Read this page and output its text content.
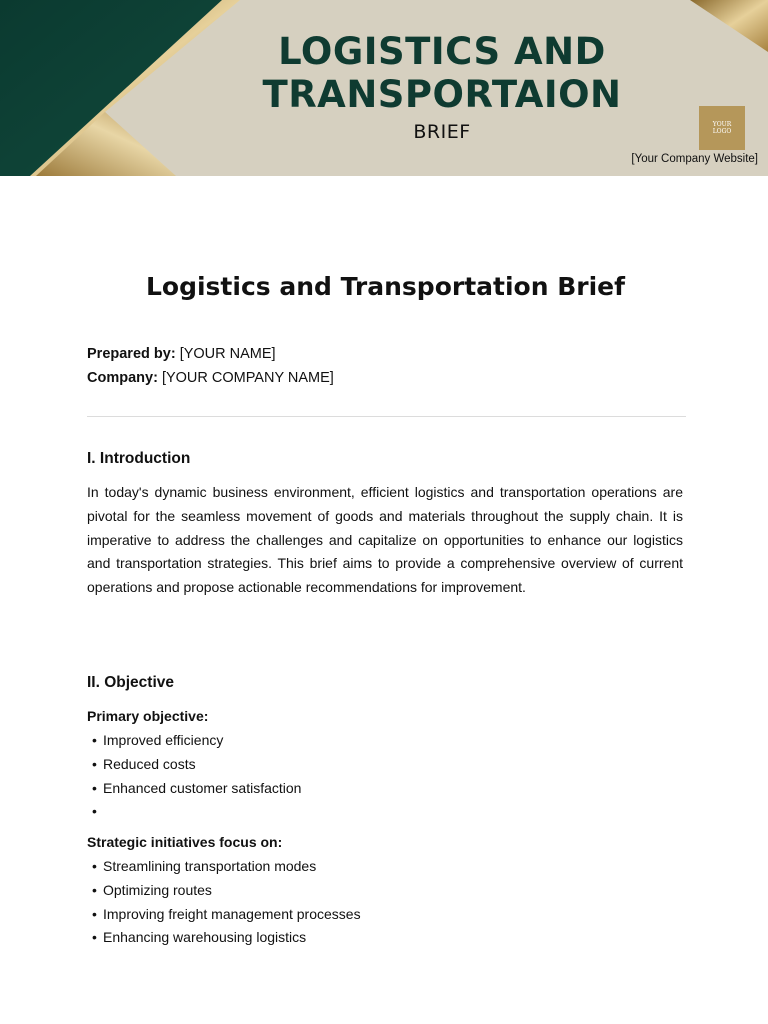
LOGISTICS AND
TRANSPORTAION
BRIEF	YOUR
LOGO
[Your Company Website]
Logistics and Transportation Brief
Prepared by: [YOUR NAME]
Company: [YOUR COMPANY NAME]
I. Introduction
In today's dynamic business environment, efficient logistics and transportation operations are pivotal for the seamless movement of goods and materials throughout the supply chain. It is imperative to address the challenges and capitalize on opportunities to enhance our logistics and transportation strategies. This brief aims to provide a comprehensive overview of current operations and propose actionable recommendations for improvement.
II. Objective
Primary objective:
• Improved efficiency
• Reduced costs
• Enhanced customer satisfaction
•
Strategic initiatives focus on:
• Streamlining transportation modes
• Optimizing routes
• Improving freight management processes
• Enhancing warehousing logistics
